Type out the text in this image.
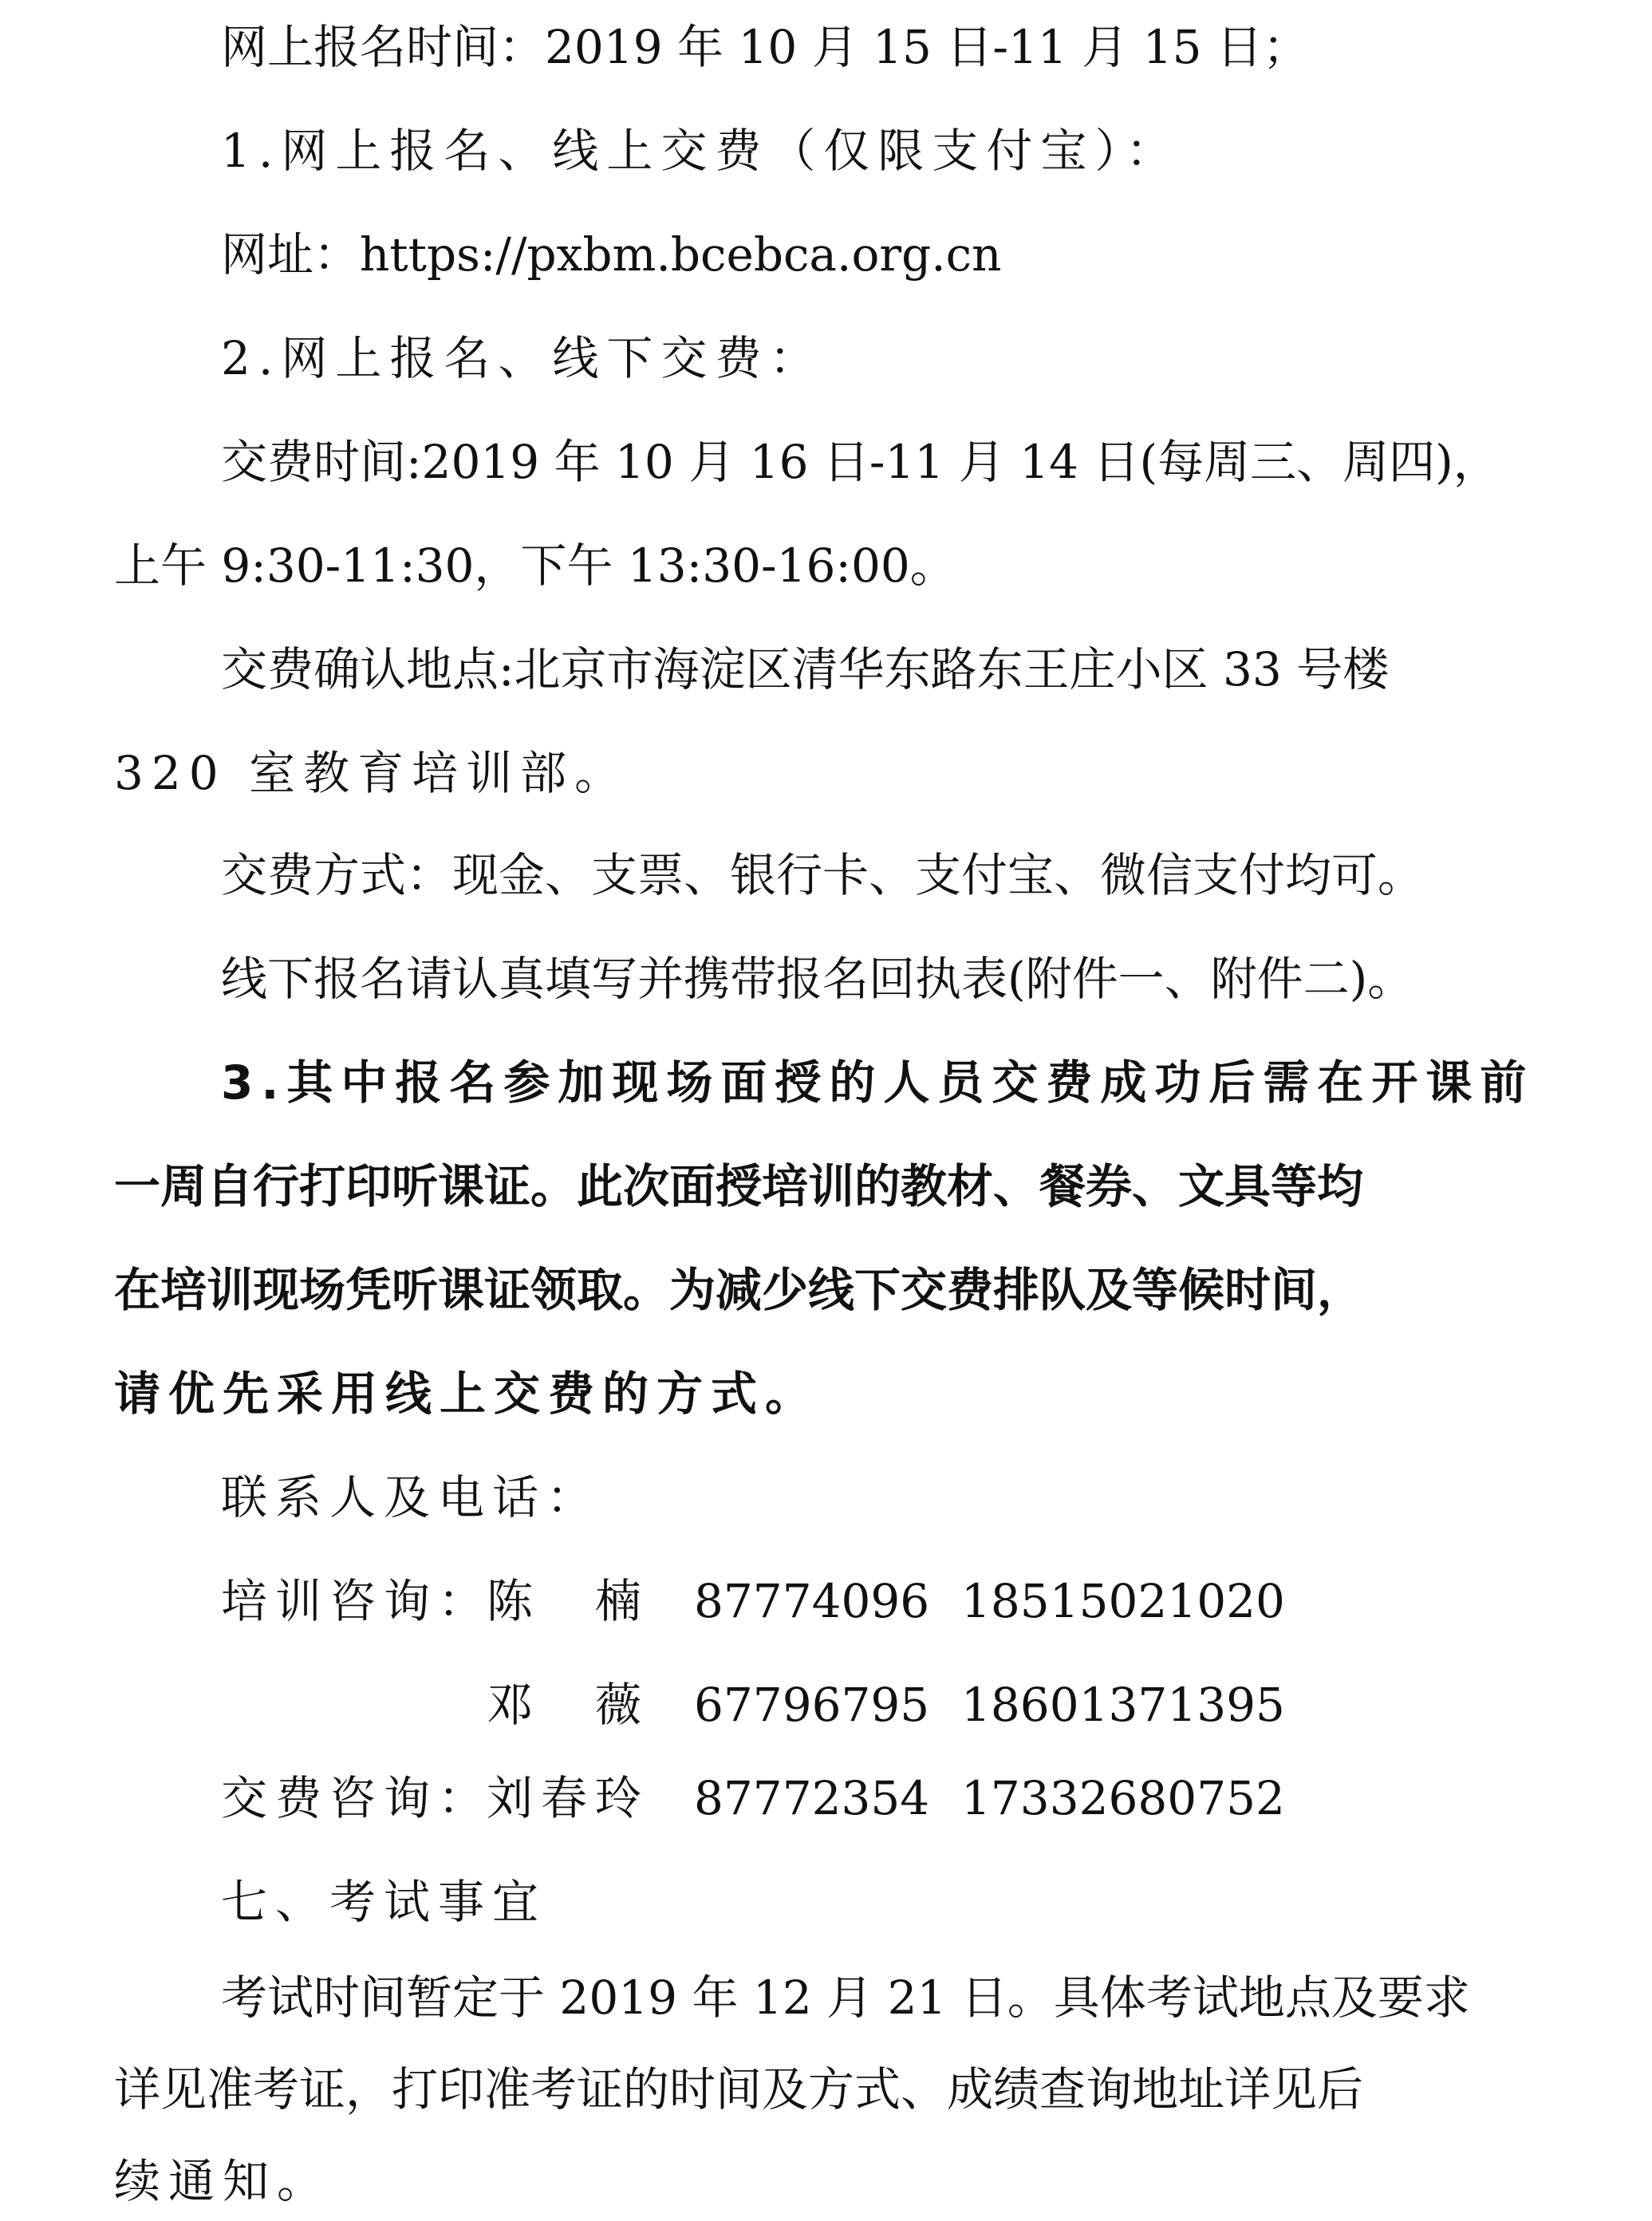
网上报名时间：2019 年 10 月 15 日-11 月 15 日；
1.网上报名、线上交费（仅限支付宝）：
网址：https://pxbm.bcebca.org.cn
2.网上报名、线下交费：
交费时间:2019 年 10 月 16 日-11 月 14 日(每周三、周四)，
上午 9:30-11:30，下午 13:30-16:00。
交费确认地点:北京市海淀区清华东路东王庄小区 33 号楼
320 室教育培训部。
交费方式：现金、支票、银行卡、支付宝、微信支付均可。
线下报名请认真填写并携带报名回执表(附件一、附件二)。
3.其中报名参加现场面授的人员交费成功后需在开课前
一周自行打印听课证。此次面授培训的教材、餐券、文具等均
在培训现场凭听课证领取。为减少线下交费排队及等候时间，
请优先采用线上交费的方式。
联系人及电话：
培训咨询：
陈　楠 87774096 18515021020
邓　薇 67796795 18601371395
交费咨询：
刘春玲 87772354 17332680752
七、考试事宜
考试时间暂定于 2019 年 12 月 21 日。具体考试地点及要求
详见准考证，打印准考证的时间及方式、成绩查询地址详见后
续通知。
